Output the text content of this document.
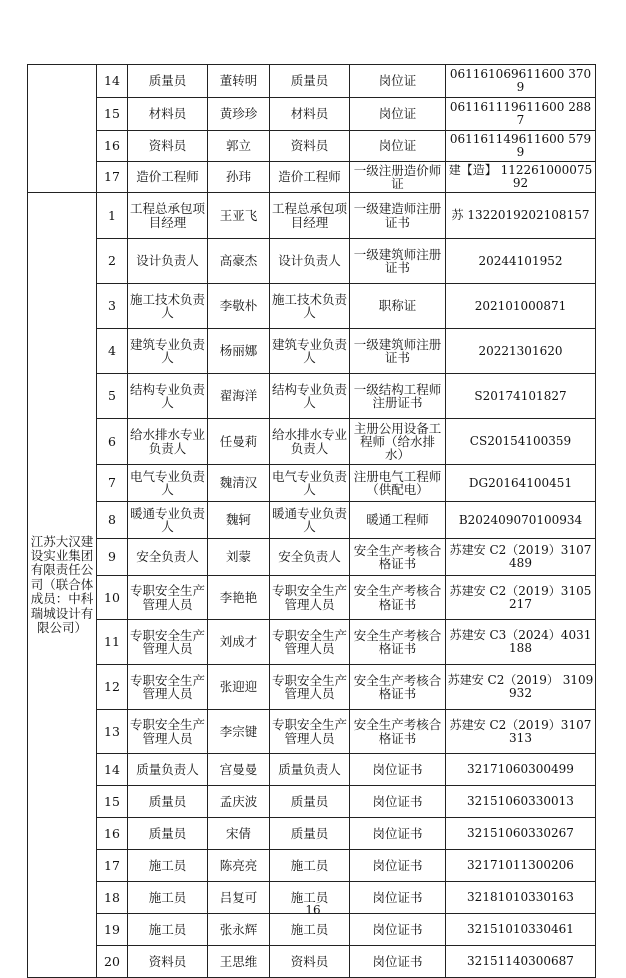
	14	质量员	董转明	质量员	岗位证	061161069611600 3709
	15	材料员	黄珍珍	材料员	岗位证	061161119611600 2887
	16	资料员	郭立	资料员	岗位证	061161149611600 5799
	17	造价工程师	孙玮	造价工程师	一级注册造价师证	建【造】 11226100007592
江苏大汉建设实业集团有限责任公司（联合体成员：中科瑞城设计有限公司）	1	工程总承包项目经理	王亚飞	工程总承包项目经理	一级建造师注册证书	苏 1322019202108157
	2	设计负责人	高豪杰	设计负责人	一级建筑师注册证书	20244101952
	3	施工技术负责人	李敬朴	施工技术负责人	职称证	202101000871
	4	建筑专业负责人	杨丽娜	建筑专业负责人	一级建筑师注册证书	20221301620
	5	结构专业负责人	翟海洋	结构专业负责人	一级结构工程师注册证书	S20174101827
	6	给水排水专业负责人	任曼莉	给水排水专业负责人	主册公用设备工程师（给水排水）	CS20154100359
	7	电气专业负责人	魏清汉	电气专业负责人	注册电气工程师（供配电）	DG20164100451
	8	暖通专业负责人	魏轲	暖通专业负责人	暖通工程师	B202409070100934
	9	安全负责人	刘蒙	安全负责人	安全生产考核合格证书	苏建安 C2（2019）3107489
	10	专职安全生产管理人员	李艳艳	专职安全生产管理人员	安全生产考核合格证书	苏建安 C2（2019）3105217
	11	专职安全生产管理人员	刘成才	专职安全生产管理人员	安全生产考核合格证书	苏建安 C3（2024）4031188
	12	专职安全生产管理人员	张迎迎	专职安全生产管理人员	安全生产考核合格证书	苏建安 C2（2019） 3109932
	13	专职安全生产管理人员	李宗键	专职安全生产管理人员	安全生产考核合格证书	苏建安 C2（2019）3107313
	14	质量负责人	宫曼曼	质量负责人	岗位证书	32171060300499
	15	质量员	孟庆波	质量员	岗位证书	32151060330013
	16	质量员	宋倩	质量员	岗位证书	32151060330267
	17	施工员	陈亮亮	施工员	岗位证书	32171011300206
	18	施工员	吕复可	施工员	岗位证书	32181010330163
	19	施工员	张永辉	施工员	岗位证书	32151010330461
	20	资料员	王思维	资料员	岗位证书	32151140300687
16
